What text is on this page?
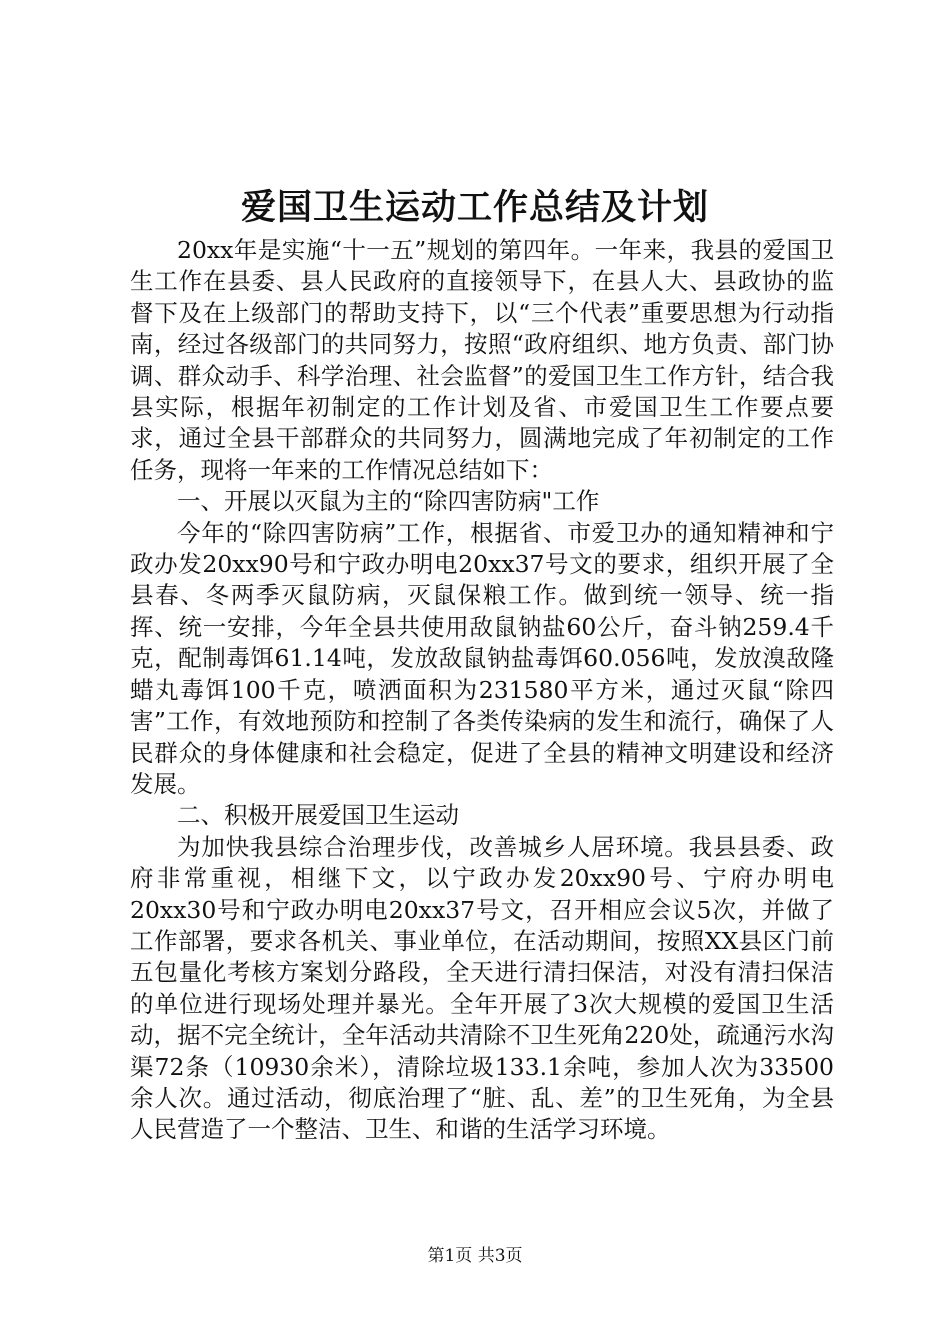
爱国卫生运动工作总结及计划

20xx年是实施“十一五”规划的第四年。一年来，我县的爱国卫生工作在县委、县人民政府的直接领导下，在县人大、县政协的监督下及在上级部门的帮助支持下，以“三个代表”重要思想为行动指南，经过各级部门的共同努力，按照“政府组织、地方负责、部门协调、群众动手、科学治理、社会监督”的爱国卫生工作方针，结合我县实际，根据年初制定的工作计划及省、市爱国卫生工作要点要求，通过全县干部群众的共同努力，圆满地完成了年初制定的工作任务，现将一年来的工作情况总结如下：

一、开展以灭鼠为主的“除四害防病"工作

今年的“除四害防病”工作，根据省、市爱卫办的通知精神和宁政办发20xx90号和宁政办明电20xx37号文的要求，组织开展了全县春、冬两季灭鼠防病，灭鼠保粮工作。做到统一领导、统一指挥、统一安排，今年全县共使用敌鼠钠盐60公斤，奋斗钠259.4千克，配制毒饵61.14吨，发放敌鼠钠盐毒饵60.056吨，发放溴敌隆蜡丸毒饵100千克，喷洒面积为231580平方米，通过灭鼠“除四害”工作，有效地预防和控制了各类传染病的发生和流行，确保了人民群众的身体健康和社会稳定，促进了全县的精神文明建设和经济发展。

二、积极开展爱国卫生运动

为加快我县综合治理步伐，改善城乡人居环境。我县县委、政府非常重视，相继下文，以宁政办发20xx90号、宁府办明电20xx30号和宁政办明电20xx37号文，召开相应会议5次，并做了工作部署，要求各机关、事业单位，在活动期间，按照XX县区门前五包量化考核方案划分路段，全天进行清扫保洁，对没有清扫保洁的单位进行现场处理并暴光。全年开展了3次大规模的爱国卫生活动，据不完全统计，全年活动共清除不卫生死角220处，疏通污水沟渠72条（10930余米），清除垃圾133.1余吨，参加人次为33500余人次。通过活动，彻底治理了“脏、乱、差”的卫生死角，为全县人民营造了一个整洁、卫生、和谐的生活学习环境。

第1页 共3页
